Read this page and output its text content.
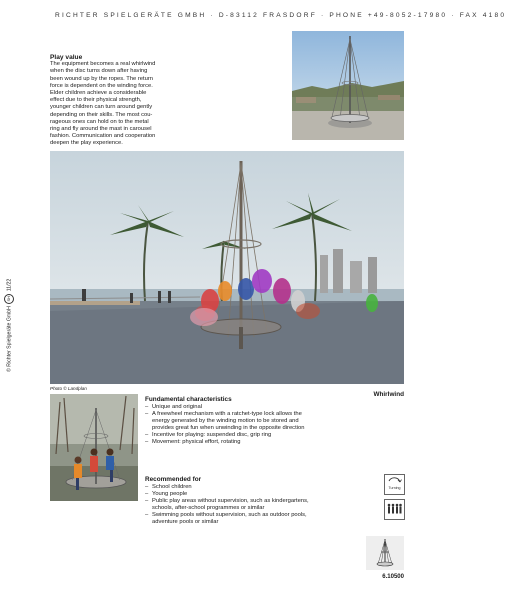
RICHTER SPIELGERÄTE GMBH · D-83112 FRASDORF · PHONE +49-8052-17980 · FAX 4180
© Richter Spielgeräte GmbH SH 11/22
Play value

The equipment becomes a real whirlwind
when the disc turns down after having
been wound up by the ropes. The return
force is dependent on the winding force.
Elder children achieve a considerable
effect due to their physical strength,
younger children can turn around gently
depending on their skills. The most cou-
rageous ones can hold on to the metal
ring and fly around the mast in carousel
fashion. Communication and cooperation
deepen the play experience.

Photo © Landplan
Whirlwind
Fundamental characteristics
– Unique and original
– A freewheel mechanism with a ratchet-type lock allows the energy generated by the winding motion to be stored and provides great fun when unwinding in the opposite direction
– Incentive for playing: suspended disc, grip ring
– Movement: physical effort, rotating
Recommended for
– School children
– Young people
– Public play areas without supervision, such as kindergartens, schools, after-school programmes or similar
– Swimming pools without supervision, such as outdoor pools, adventure pools or similar
Turning
6.10500
